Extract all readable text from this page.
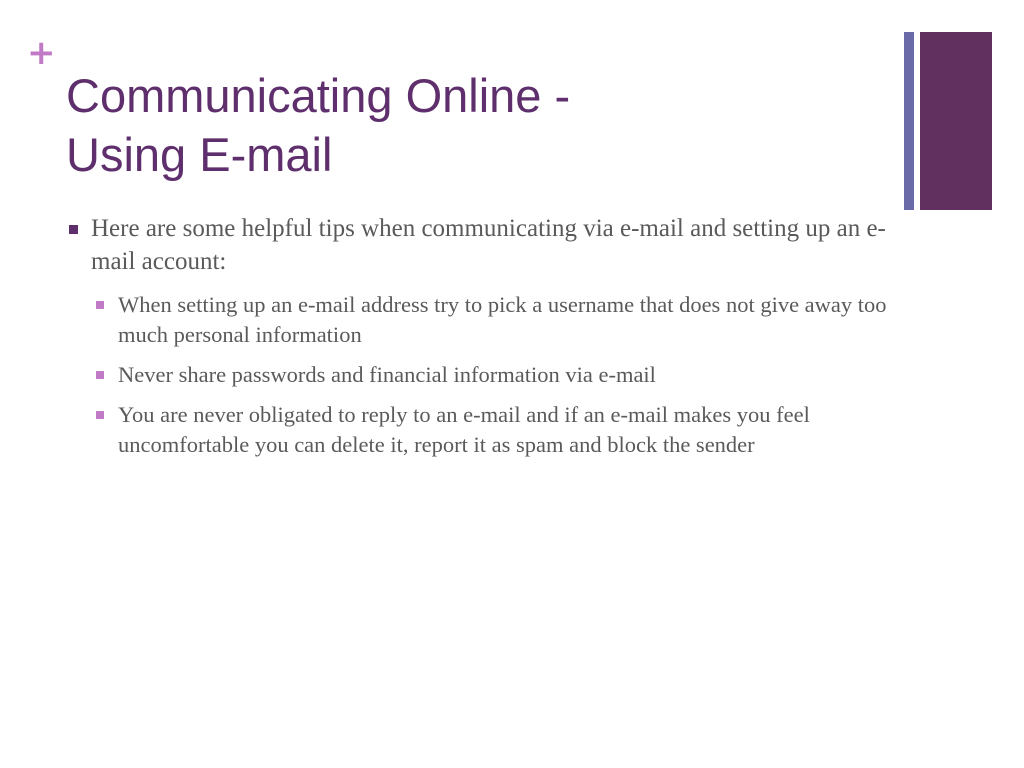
+
Communicating Online -
Using E-mail
Here are some helpful tips when communicating via e-mail and setting up an e-mail account:
When setting up an e-mail address try to pick a username that does not give away too much personal information
Never share passwords and financial information via e-mail
You are never obligated to reply to an e-mail and if an e-mail makes you feel uncomfortable you can delete it, report it as spam and block the sender
